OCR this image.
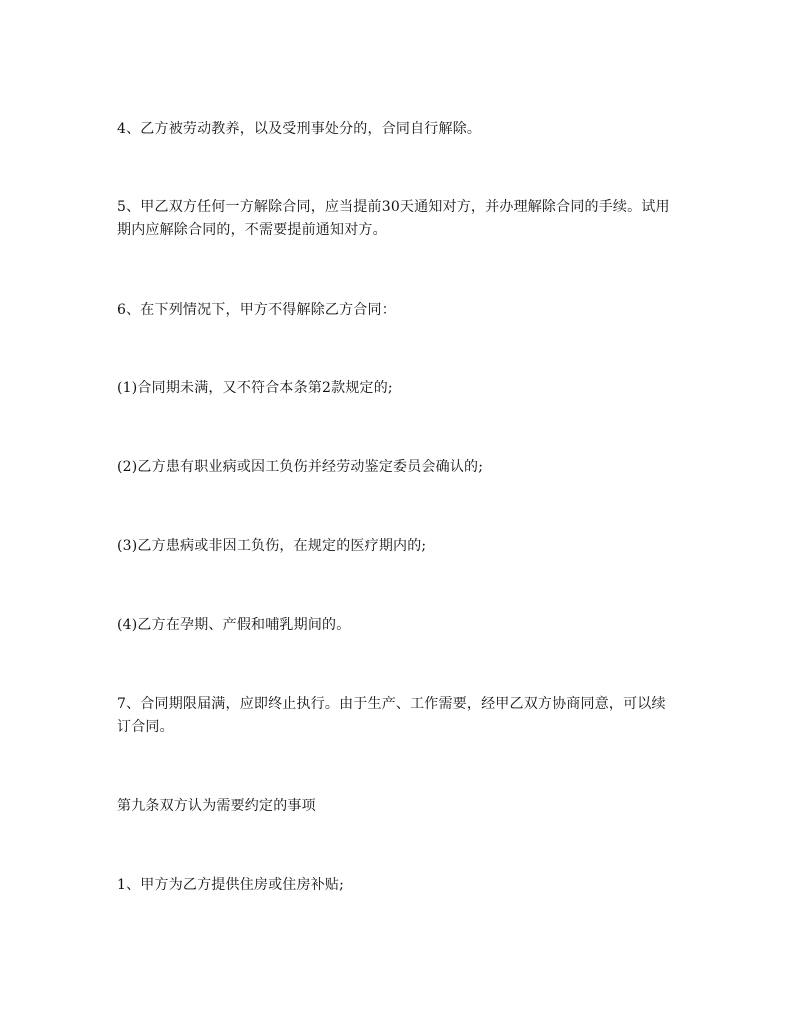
4、乙方被劳动教养，以及受刑事处分的，合同自行解除。

5、甲乙双方任何一方解除合同，应当提前30天通知对方，并办理解除合同的手续。试用期内应解除合同的，不需要提前通知对方。

6、在下列情况下，甲方不得解除乙方合同：

(1)合同期未满，又不符合本条第2款规定的;

(2)乙方患有职业病或因工负伤并经劳动鉴定委员会确认的;

(3)乙方患病或非因工负伤，在规定的医疗期内的;

(4)乙方在孕期、产假和哺乳期间的。

7、合同期限届满，应即终止执行。由于生产、工作需要，经甲乙双方协商同意，可以续订合同。

第九条双方认为需要约定的事项

1、甲方为乙方提供住房或住房补贴;
